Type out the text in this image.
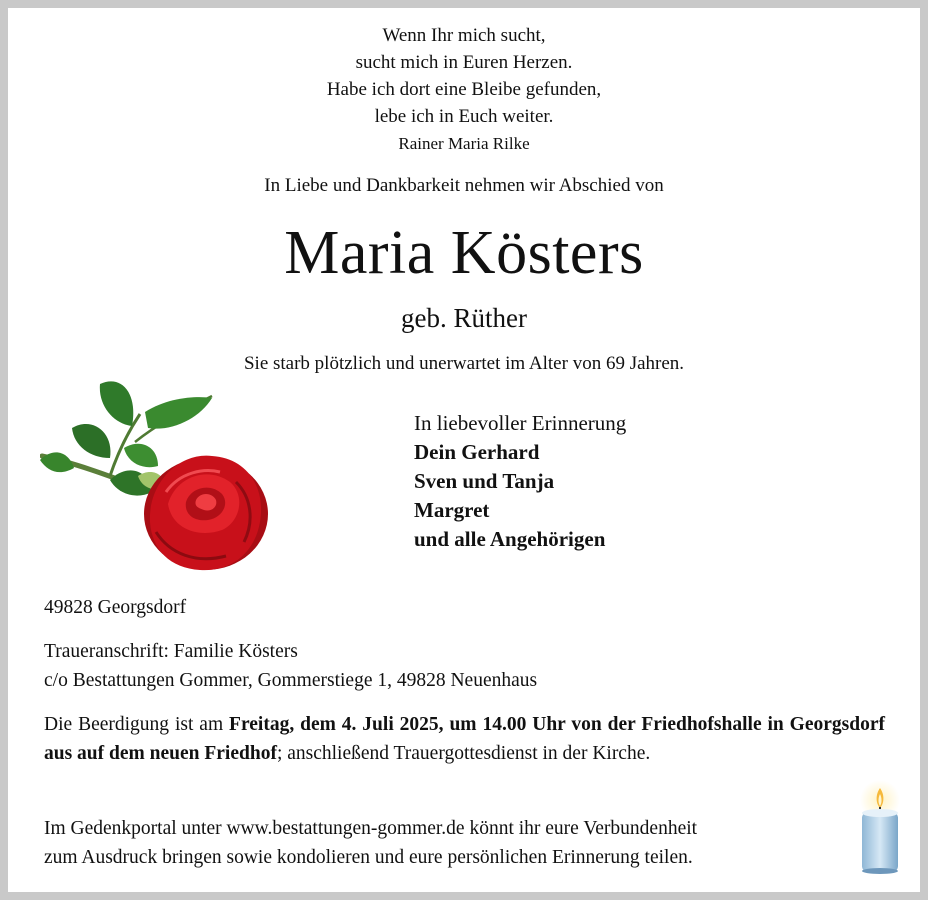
Wenn Ihr mich sucht,
sucht mich in Euren Herzen.
Habe ich dort eine Bleibe gefunden,
lebe ich in Euch weiter.
Rainer Maria Rilke
In Liebe und Dankbarkeit nehmen wir Abschied von
Maria Kösters
geb. Rüther
Sie starb plötzlich und unerwartet im Alter von 69 Jahren.
In liebevoller Erinnerung
Dein Gerhard
Sven und Tanja
Margret
und alle Angehörigen
49828 Georgsdorf
Traueranschrift: Familie Kösters
c/o Bestattungen Gommer, Gommerstiege 1, 49828 Neuenhaus
Die Beerdigung ist am Freitag, dem 4. Juli 2025, um 14.00 Uhr von der Friedhofshalle in Georgsdorf aus auf dem neuen Friedhof; anschließend Trauergottesdienst in der Kirche.
Im Gedenkportal unter www.bestattungen-gommer.de könnt ihr eure Verbundenheit
zum Ausdruck bringen sowie kondolieren und eure persönlichen Erinnerung teilen.
